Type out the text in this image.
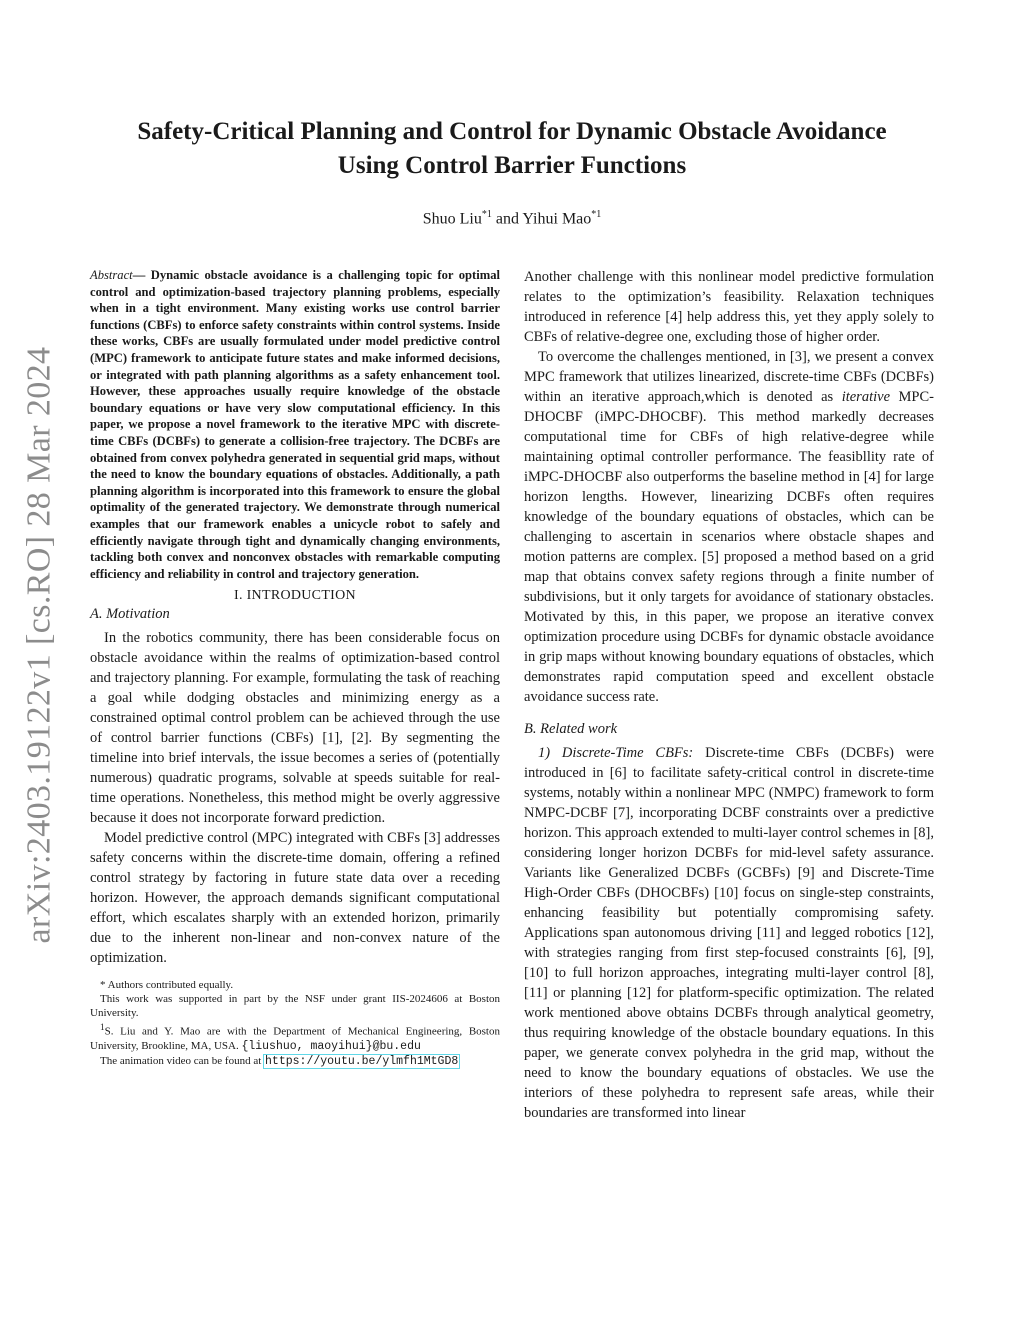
arXiv:2403.19122v1 [cs.RO] 28 Mar 2024
Safety-Critical Planning and Control for Dynamic Obstacle Avoidance
Using Control Barrier Functions
Shuo Liu$^{*1}$ and Yihui Mao$^{*1}$

Abstract— Dynamic obstacle avoidance is a challenging topic for optimal control and optimization-based trajectory planning problems, especially when in a tight environment. Many existing works use control barrier functions (CBFs) to enforce safety constraints within control systems. Inside these works, CBFs are usually formulated under model predictive control (MPC) framework to anticipate future states and make informed decisions, or integrated with path planning algorithms as a safety enhancement tool. However, these approaches usually require knowledge of the obstacle boundary equations or have very slow computational efficiency. In this paper, we propose a novel framework to the iterative MPC with discrete-time CBFs (DCBFs) to generate a collision-free trajectory. The DCBFs are obtained from convex polyhedra generated in sequential grid maps, without the need to know the boundary equations of obstacles. Additionally, a path planning algorithm is incorporated into this framework to ensure the global optimality of the generated trajectory. We demonstrate through numerical examples that our framework enables a unicycle robot to safely and efficiently navigate through tight and dynamically changing environments, tackling both convex and nonconvex obstacles with remarkable computing efficiency and reliability in control and trajectory generation.

I. INTRODUCTION
A. Motivation

In the robotics community, there has been considerable focus on obstacle avoidance within the realms of optimization-based control and trajectory planning. For example, formulating the task of reaching a goal while dodging obstacles and minimizing energy as a constrained optimal control problem can be achieved through the use of control barrier functions (CBFs) [1], [2]. By segmenting the timeline into brief intervals, the issue becomes a series of (potentially numerous) quadratic programs, solvable at speeds suitable for real-time operations. Nonetheless, this method might be overly aggressive because it does not incorporate forward prediction.

Model predictive control (MPC) integrated with CBFs [3] addresses safety concerns within the discrete-time domain, offering a refined control strategy by factoring in future state data over a receding horizon. However, the approach demands significant computational effort, which escalates sharply with an extended horizon, primarily due to the inherent non-linear and non-convex nature of the optimization.

* Authors contributed equally.

This work was supported in part by the NSF under grant IIS-2024606 at Boston University.

$^1$S. Liu and Y. Mao are with the Department of Mechanical Engineering, Boston University, Brookline, MA, USA. {liushuo, maoyihui}@bu.edu

The animation video can be found at https://youtu.be/ylmfh1MtGD8

Another challenge with this nonlinear model predictive formulation relates to the optimization’s feasibility. Relaxation techniques introduced in reference [4] help address this, yet they apply solely to CBFs of relative-degree one, excluding those of higher order.

To overcome the challenges mentioned, in [3], we present a convex MPC framework that utilizes linearized, discrete-time CBFs (DCBFs) within an iterative approach,which is denoted as iterative MPC-DHOCBF (iMPC-DHOCBF). This method markedly decreases computational time for CBFs of high relative-degree while maintaining optimal controller performance. The feasibllity rate of iMPC-DHOCBF also outperforms the baseline method in [4] for large horizon lengths. However, linearizing DCBFs often requires knowledge of the boundary equations of obstacles, which can be challenging to ascertain in scenarios where obstacle shapes and motion patterns are complex. [5] proposed a method based on a grid map that obtains convex safety regions through a finite number of subdivisions, but it only targets for avoidance of stationary obstacles. Motivated by this, in this paper, we propose an iterative convex optimization procedure using DCBFs for dynamic obstacle avoidance in grip maps without knowing boundary equations of obstacles, which demonstrates rapid computation speed and excellent obstacle avoidance success rate.

B. Related work

1) Discrete-Time CBFs: Discrete-time CBFs (DCBFs) were introduced in [6] to facilitate safety-critical control in discrete-time systems, notably within a nonlinear MPC (NMPC) framework to form NMPC-DCBF [7], incorporating DCBF constraints over a predictive horizon. This approach extended to multi-layer control schemes in [8], considering longer horizon DCBFs for mid-level safety assurance. Variants like Generalized DCBFs (GCBFs) [9] and Discrete-Time High-Order CBFs (DHOCBFs) [10] focus on single-step constraints, enhancing feasibility but potentially compromising safety. Applications span autonomous driving [11] and legged robotics [12], with strategies ranging from first step-focused constraints [6], [9], [10] to full horizon approaches, integrating multi-layer control [8], [11] or planning [12] for platform-specific optimization. The related work mentioned above obtains DCBFs through analytical geometry, thus requiring knowledge of the obstacle boundary equations. In this paper, we generate convex polyhedra in the grid map, without the need to know the boundary equations of obstacles. We use the interiors of these polyhedra to represent safe areas, while their boundaries are transformed into linear
